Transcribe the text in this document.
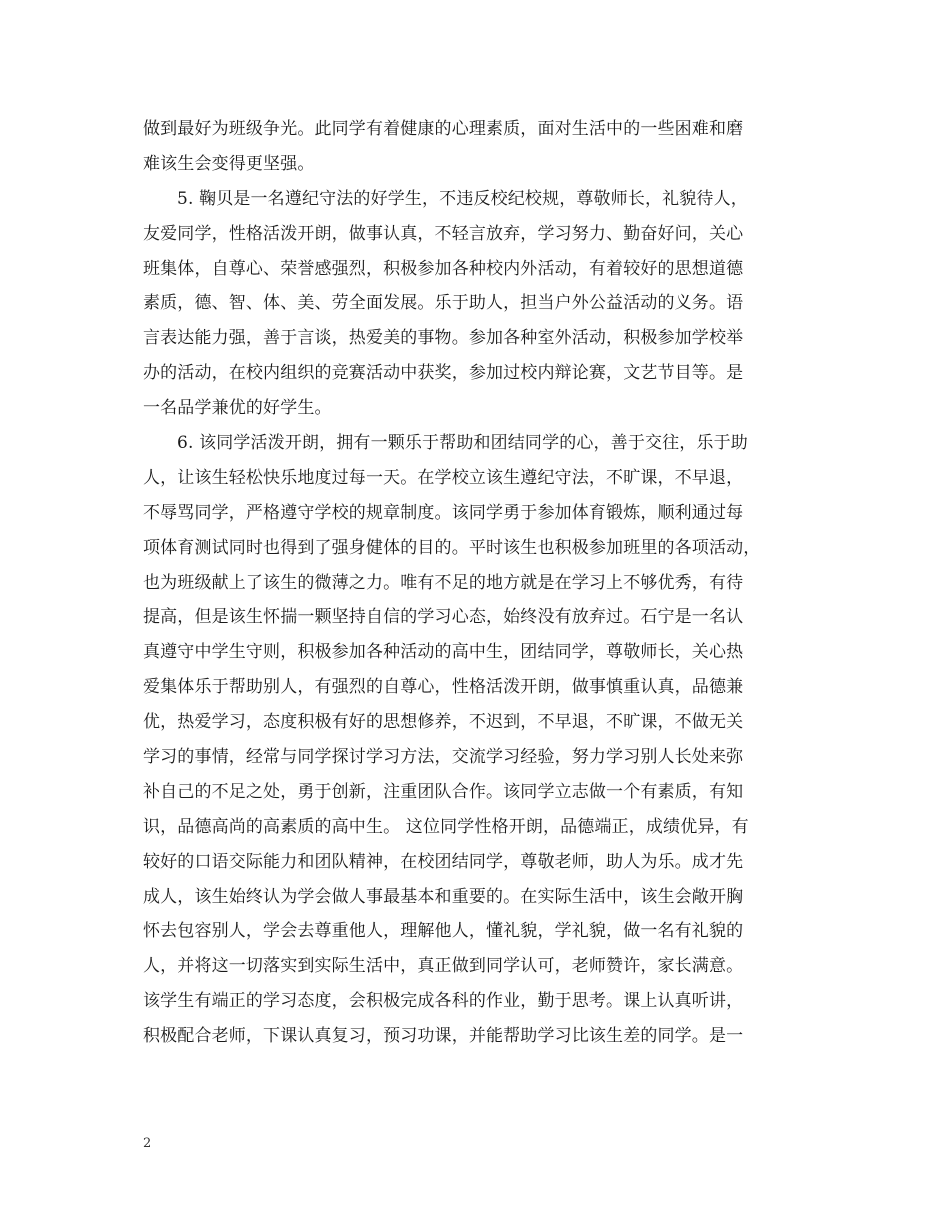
做到最好为班级争光。此同学有着健康的心理素质，面对生活中的一些困难和磨
难该生会变得更坚强。
5. 鞠贝是一名遵纪守法的好学生，不违反校纪校规，尊敬师长，礼貌待人，
友爱同学，性格活泼开朗，做事认真，不轻言放弃，学习努力、勤奋好问，关心
班集体，自尊心、荣誉感强烈，积极参加各种校内外活动，有着较好的思想道德
素质，德、智、体、美、劳全面发展。乐于助人，担当户外公益活动的义务。语
言表达能力强，善于言谈，热爱美的事物。参加各种室外活动，积极参加学校举
办的活动，在校内组织的竞赛活动中获奖，参加过校内辩论赛，文艺节目等。是
一名品学兼优的好学生。
6. 该同学活泼开朗，拥有一颗乐于帮助和团结同学的心，善于交往，乐于助
人，让该生轻松快乐地度过每一天。在学校立该生遵纪守法，不旷课，不早退，
不辱骂同学，严格遵守学校的规章制度。该同学勇于参加体育锻炼，顺利通过每
项体育测试同时也得到了强身健体的目的。平时该生也积极参加班里的各项活动，
也为班级献上了该生的微薄之力。唯有不足的地方就是在学习上不够优秀，有待
提高，但是该生怀揣一颗坚持自信的学习心态，始终没有放弃过。石宁是一名认
真遵守中学生守则，积极参加各种活动的高中生，团结同学，尊敬师长，关心热
爱集体乐于帮助别人，有强烈的自尊心，性格活泼开朗，做事慎重认真，品德兼
优，热爱学习，态度积极有好的思想修养，不迟到，不早退，不旷课，不做无关
学习的事情，经常与同学探讨学习方法，交流学习经验，努力学习别人长处来弥
补自己的不足之处，勇于创新，注重团队合作。该同学立志做一个有素质，有知
识，品德高尚的高素质的高中生。 这位同学性格开朗，品德端正，成绩优异，有
较好的口语交际能力和团队精神，在校团结同学，尊敬老师，助人为乐。成才先
成人，该生始终认为学会做人事最基本和重要的。在实际生活中，该生会敞开胸
怀去包容别人，学会去尊重他人，理解他人，懂礼貌，学礼貌，做一名有礼貌的
人，并将这一切落实到实际生活中，真正做到同学认可，老师赞许，家长满意。
该学生有端正的学习态度，会积极完成各科的作业，勤于思考。课上认真听讲，
积极配合老师，下课认真复习，预习功课，并能帮助学习比该生差的同学。是一
2
